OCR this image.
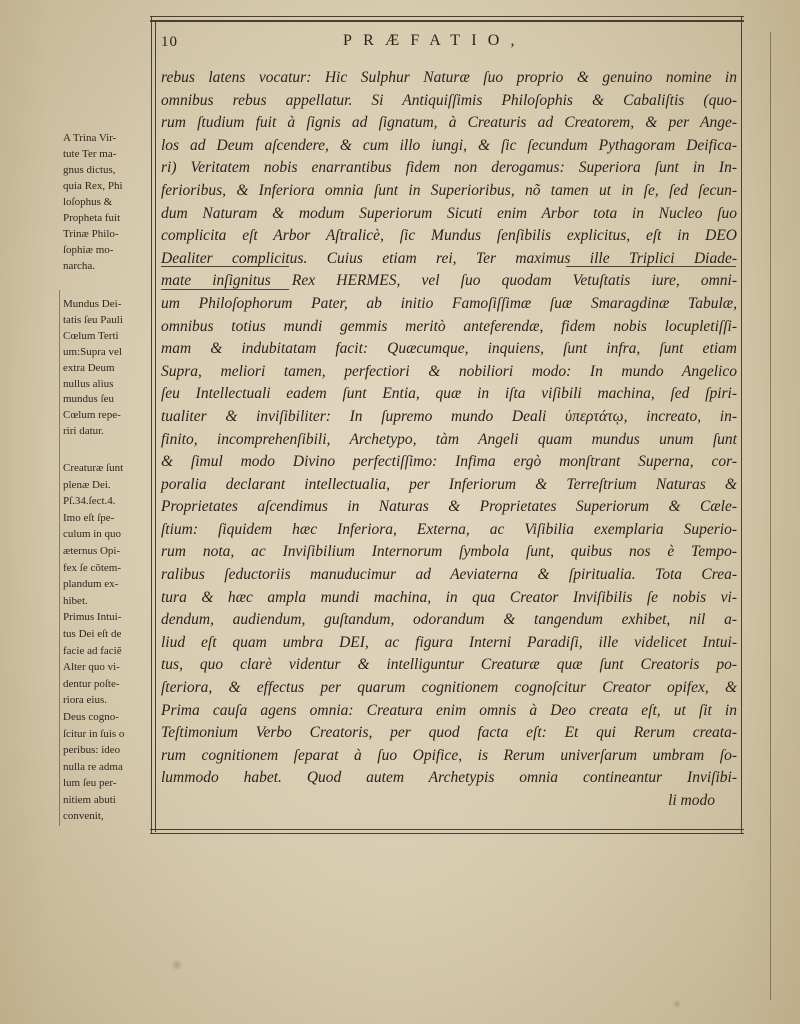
10	PRÆFATIO,
A Trina Vir-
tute Ter ma-
gnus dictus,
quia Rex, Phi
loſophus &
Propheta fuit
Trinæ Philo-
ſophiæ mo-
narcha.
Mundus Dei-
tatis ſeu Pauli
Cœlum Terti
um:Supra vel
extra Deum
nullus alius
mundus ſeu
Cœlum repe-
riri datur.
Creaturæ ſunt
plenæ Dei.
Pſ.34.ſect.4.
Imo eſt ſpe-
culum in quo
æternus Opi-
fex ſe cõtem-
plandum ex-
hibet.
Primus Intui-
tus Dei eſt de
facie ad faciẽ
Alter quo vi-
dentur poſte-
riora eius.
Deus cogno-
ſcitur in ſuis o
peribus: ideo
nulla re adma
lum ſeu per-
nitiem abuti
convenit,
rebus latens vocatur: Hic Sulphur Naturæ ſuo proprio & genuino nomine in
omnibus rebus appellatur. Si Antiquiſſimis Philoſophis & Cabaliſtis (quo-
rum ſtudium fuit à ſignis ad ſignatum, à Creaturis ad Creatorem, & per Ange-
los ad Deum aſcendere, & cum illo iungi, & ſic ſecundum Pythagoram Deifica-
ri) Veritatem nobis enarrantibus fidem non derogamus: Superiora ſunt in In-
ferioribus, & Inferiora omnia ſunt in Superioribus, nõ tamen ut in ſe, ſed ſecun-
dum Naturam & modum Superiorum Sicuti enim Arbor tota in Nucleo ſuo
complicita eſt Arbor Aſtralicè, ſic Mundus ſenſibilis explicitus, eſt in DEO
Dealiter complicitus. Cuius etiam rei, Ter maximus ille Triplici Diade-
mate inſignitus Rex HERMES, vel ſuo quodam Vetuſtatis iure, omni-
um Philoſophorum Pater, ab initio Famoſiſſimæ ſuæ Smaragdinæ Tabulæ,
omnibus totius mundi gemmis meritò anteferendæ, fidem nobis locupletiſſi-
mam & indubitatam facit: Quæcumque, inquiens, ſunt infra, ſunt etiam
Supra, meliori tamen, perfectiori & nobiliori modo: In mundo Angelico
ſeu Intellectuali eadem ſunt Entia, quæ in iſta viſibili machina, ſed ſpiri-
tualiter & inviſibiliter: In ſupremo mundo Deali ὑπερτάτῳ, increato, in-
finito, incomprehenſibili, Archetypo, tàm Angeli quam mundus unum ſunt
& ſimul modo Divino perfectiſſimo: Infima ergò monſtrant Superna, cor-
poralia declarant intellectualia, per Inferiorum & Terreſtrium Naturas &
Proprietates aſcendimus in Naturas & Proprietates Superiorum & Cæle-
ſtium: ſiquidem hæc Inferiora, Externa, ac Viſibilia exemplaria Superio-
rum nota, ac Inviſibilium Internorum ſymbola ſunt, quibus nos è Tempo-
ralibus ſeductoriis manuducimur ad Aeviaterna & ſpiritualia. Tota Crea-
tura & hæc ampla mundi machina, in qua Creator Inviſibilis ſe nobis vi-
dendum, audiendum, guſtandum, odorandum & tangendum exhibet, nil a-
liud eſt quam umbra DEI, ac figura Interni Paradiſi, ille videlicet Intui-
tus, quo clarè videntur & intelliguntur Creaturæ quæ ſunt Creatoris po-
ſteriora, & effectus per quarum cognitionem cognoſcitur Creator opifex, &
Prima cauſa agens omnia: Creatura enim omnis à Deo creata eſt, ut ſit in
Teſtimonium Verbo Creatoris, per quod facta eſt: Et qui Rerum creata-
rum cognitionem ſeparat à ſuo Opifice, is Rerum univerſarum umbram ſo-
lummodo habet. Quod autem Archetypis omnia contineantur Inviſibi-
li modo
